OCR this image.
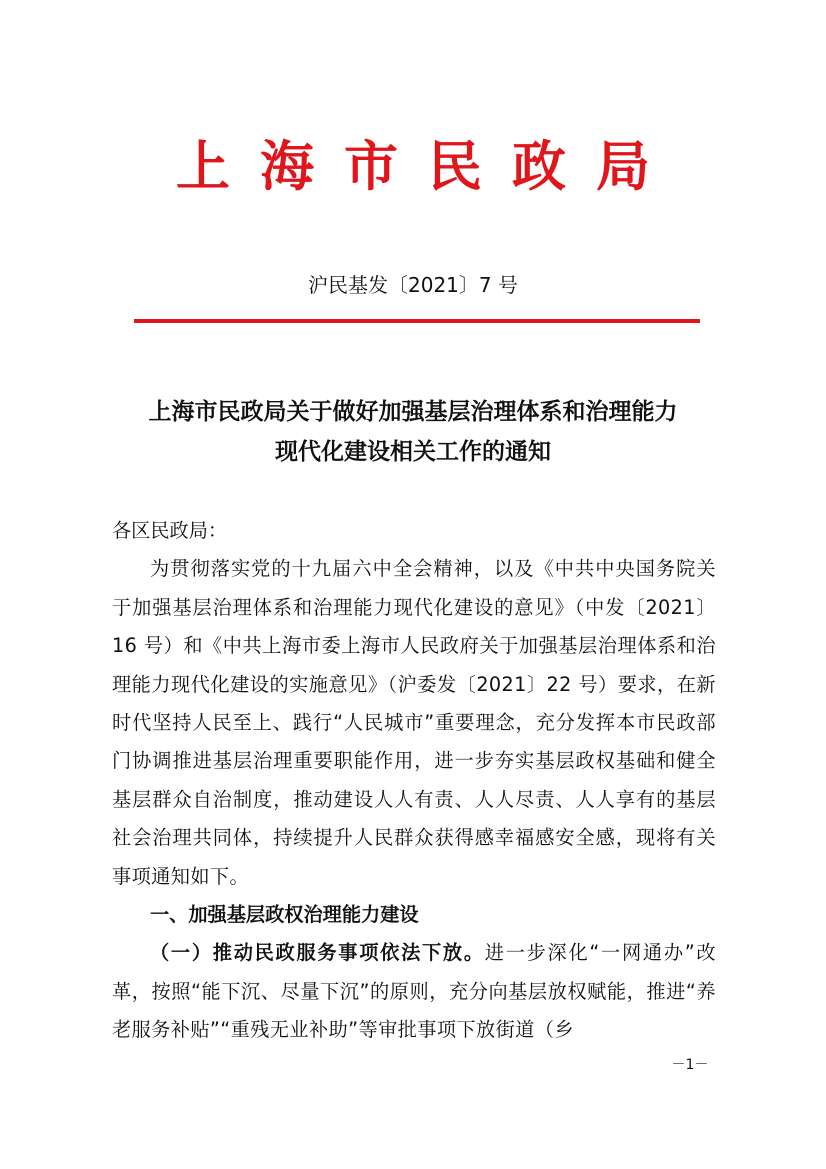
上海市民政局
沪民基发〔2021〕7 号
上海市民政局关于做好加强基层治理体系和治理能力
现代化建设相关工作的通知

各区民政局：

为贯彻落实党的十九届六中全会精神，以及《中共中央国务院关于加强基层治理体系和治理能力现代化建设的意见》（中发〔2021〕16 号）和《中共上海市委上海市人民政府关于加强基层治理体系和治理能力现代化建设的实施意见》（沪委发〔2021〕22 号）要求，在新时代坚持人民至上、践行“人民城市”重要理念，充分发挥本市民政部门协调推进基层治理重要职能作用，进一步夯实基层政权基础和健全基层群众自治制度，推动建设人人有责、人人尽责、人人享有的基层社会治理共同体，持续提升人民群众获得感幸福感安全感，现将有关事项通知如下。

一、加强基层政权治理能力建设

（一）推动民政服务事项依法下放。进一步深化“一网通办”改革，按照“能下沉、尽量下沉”的原则，充分向基层放权赋能，推进“养老服务补贴”“重残无业补助”等审批事项下放街道（乡

－1－
